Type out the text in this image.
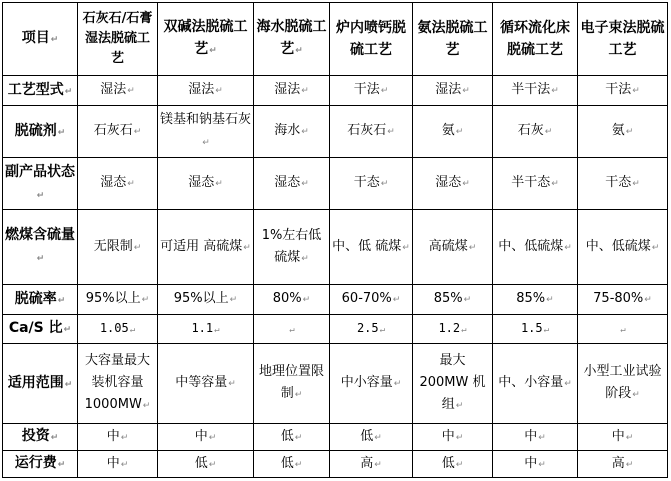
项目↵	石灰石/石膏湿法脱硫工艺	双碱法脱硫工艺↵	海水脱硫工艺↵	炉内喷钙脱硫工艺	氨法脱硫工艺	循环流化床脱硫工艺	电子束法脱硫工艺
工艺型式↵	湿法↵	湿法↵	湿法↵	干法↵	湿法↵	半干法↵	干法↵
脱硫剂↵	石灰石↵	镁基和钠基石灰↵	海水↵	石灰石↵	氨↵	石灰↵	氨↵
副产品状态↵	湿态↵	湿态↵	湿态↵	干态↵	湿态↵	半干态↵	干态↵
燃煤含硫量↵	无限制↵	可适用 高硫煤↵	1%左右低硫煤↵	中、低 硫煤↵	高硫煤↵	中、低硫煤↵	中、低硫煤↵
脱硫率↵	95%以上↵	95%以上↵	80%↵	60-70%↵	85%↵	85%↵	75-80%↵
Ca/S 比↵	1.05↵	1.1↵	↵	2.5↵	1.2↵	1.5↵	↵
适用范围↵	大容量最大装机容量 1000MW↵	中等容量↵	地理位置限制↵	中小容量↵	最大 200MW 机组↵	中、小容量↵	小型工业试验阶段↵
投资↵	中↵	中↵	低↵	低↵	中↵	中↵	中↵
运行费↵	中↵	低↵	低↵	高↵	低↵	中↵	高↵
